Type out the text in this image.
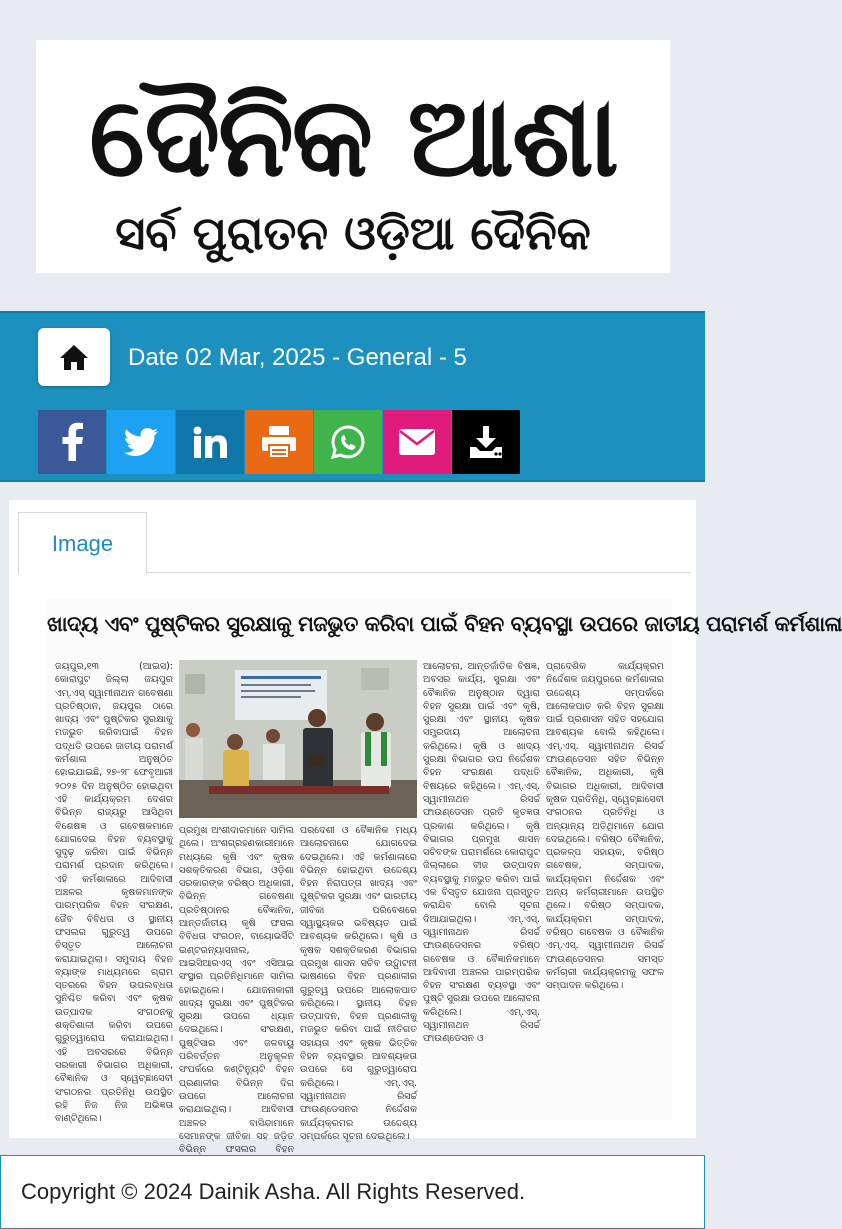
ଦୈନିକ ଆଶା
ସର୍ବ ପୁରାତନ ଓଡ଼ିଆ ଦୈନିକ
Date 02 Mar, 2025 - General - 5
Image
ଖାଦ୍ୟ ଏବଂ ପୁଷ୍ଟିକର ସୁରକ୍ଷାକୁ ମଜଭୁତ କରିବା ପାଇଁ ବିହନ ବ୍ୟବସ୍ଥା ଉପରେ ଜାତୀୟ ପରାମର୍ଶ କର୍ମଶାଳା
ଜୟପୁର,୧୩ (ଆଇସ): କୋରାପୁଟ ଜିଲ୍ଲା ଜୟପୁର ଏମ୍.ଏସ୍ ସ୍ୱାମୀନାଥନ ଗବେଷଣା ପ୍ରତିଷ୍ଠାନ, ଜୟପୁର ଠାରେ ଖାଦ୍ୟ ଏବଂ ପୁଷ୍ଟିକର ସୁରକ୍ଷାକୁ ମଜଭୁତ କରିବାପାଇଁ ବିହନ ପଦ୍ଧତି ଉପରେ ଜାତୀୟ ପରାମର୍ଶ କର୍ମଶାଳା ଅନୁଷ୍ଠିତ ହୋଇଯାଇଛି, ୨୭-୨୮ ଫେବୃଆରୀ ୨୦୨୫ ଦିନ ଅନୁଷ୍ଠିତ ହୋଇଥିବା ଏହି କାର୍ଯ୍ୟକ୍ରମ ଦେଶର ବିଭିନ୍ନ ରାଜ୍ୟରୁ ଆସିଥିବା ବିଶେଷଜ୍ଞ ଓ ଗବେଷକମାନେ ଯୋଗଦେଇ ବିହନ ବ୍ୟବସ୍ଥାକୁ ସୁଦୃଢ଼ କରିବା ପାଇଁ ବିଭିନ୍ନ ପରାମର୍ଶ ପ୍ରଦାନ କରିଥିଲେ। ଏହି କର୍ମଶାଳାରେ ଆଦିବାସୀ ଅଞ୍ଚଳର କୃଷକମାନଙ୍କ ପାରମ୍ପରିକ ବିହନ ସଂରକ୍ଷଣ, ଜୈବ ବିବିଧତା ଓ ସ୍ଥାନୀୟ ଫସଲର ଗୁରୁତ୍ୱ ଉପରେ ବିସ୍ତୃତ ଆଲୋଚନା କରାଯାଇଥିଲା। ସମୁଦାୟ ବିହନ ବ୍ୟାଙ୍କ ମାଧ୍ୟମରେ ଗ୍ରାମ ସ୍ତରରେ ବିହନ ଉପଲବ୍ଧତା ସୁନିଶ୍ଚିତ କରିବା ଏବଂ କୃଷକ ଉତ୍ପାଦକ ସଂଗଠନକୁ ଶକ୍ତିଶାଳୀ କରିବା ଉପରେ ଗୁରୁତ୍ୱାରୋପ କରାଯାଇଥିଲା। ଏହି ଅବସରରେ ବିଭିନ୍ନ ସରକାରୀ ବିଭାଗର ଅଧିକାରୀ, ବୈଜ୍ଞାନିକ ଓ ସ୍ୱେଚ୍ଛାସେବୀ ସଂଗଠନର ପ୍ରତିନିଧି ଉପସ୍ଥିତ ରହି ନିଜ ନିଜ ଅଭିଜ୍ଞତା ବାଣ୍ଟିଥିଲେ।
ପ୍ରମୁଖ ଅଂଶୀଦାରମାନେ ସାମିଲ ଥିଲେ। ଅଂଶଗ୍ରହଣକାରୀମାନେ ମଧ୍ୟରେ କୃଷି ଏବଂ କୃଷକ ସଶକ୍ତିକରଣ ବିଭାଗ, ଓଡ଼ିଶା ସରକାରଙ୍କ ବରିଷ୍ଠ ଅଧିକାରୀ, ବିଭିନ୍ନ ଗବେଷଣା ପ୍ରତିଷ୍ଠାନର ବୈଜ୍ଞାନିକ, ଆନ୍ତର୍ଜାତୀୟ କୃଷି ଫସଲ ବିବିଧତା ସଂଗଠନ, ବାୟୋଭର୍ସିଟି ଇଣ୍ଟରନ୍ୟାସନାଲ, ଆଇସିଆରଏସ୍ ଏବଂ ଏସିଆଇ ସଂସ୍ଥାର ପ୍ରତିନିଧିମାନେ ସାମିଲ ହୋଇଥିଲେ। ଯୋଜନାକାରୀ ଖାଦ୍ୟ ସୁରକ୍ଷା ଏବଂ ପୁଷ୍ଟିକର ସୁରକ୍ଷା ଉପରେ ଧ୍ୟାନ ଦେଇଥିଲେ। ସଂରକ୍ଷଣ, ପୁଷ୍ଟିସାର ଏବଂ ଜଳବାୟୁ ପରିବର୍ତ୍ତନ ଅନୁକୂଳନ ସଂପର୍କରେ କଣ୍ଟିନ୍ୟୁଟି ବିହନ ପ୍ରଣାଳୀର ବିଭିନ୍ନ ଦିଗ ଉପରେ ଆଲୋଚନା କରାଯାଇଥିଲା। ଆଦିବାସୀ ଅଞ୍ଚଳର ବାସିନ୍ଦାମାନେ ସେମାନଙ୍କ ଜୀବିକା ସହ ଜଡ଼ିତ ବିଭିନ୍ନ ଫସଲର ବିହନ
ପରଦେଶୀ ଓ ବୈଜ୍ଞାନିକ ମଧ୍ୟ ଆଲୋଚନାରେ ଯୋଗଦେଇ ଦେଇଥିଲେ। ଏହି କର୍ମଶାଳାରେ ବିଭିନ୍ନ ହୋଇଥିବା ଉଦ୍ଦେଶ୍ୟ ବିହନ ନିରାପତ୍ତା ଖାଦ୍ୟ ଏବଂ ପୁଷ୍ଟିକର ସୁରକ୍ଷା ଏବଂ ଭାରତୀୟ ଜୀବିକା ପରିବେଶରେ ସ୍ୱାସ୍ଥ୍ୟକର ଭବିଷ୍ୟତ ପାଇଁ ଆବଶ୍ୟକ କରିଥିଲେ। କୃଷି ଓ କୃଷକ ସଶକ୍ତିକରଣ ବିଭାଗର ପ୍ରମୁଖ ଶାସନ ସଚିବ ଉଦ୍ଘାଟନୀ ଭାଷଣରେ ବିହନ ପ୍ରଣାଳୀର ଗୁରୁତ୍ୱ ଉପରେ ଆଲୋକପାତ କରିଥିଲେ। ସ୍ଥାନୀୟ ବିହନ ଉତ୍ପାଦନ, ବିହନ ପ୍ରଣାଳୀକୁ ମଜଭୁତ କରିବା ପାଇଁ ନୀତିଗତ ସହାୟତା ଏବଂ କୃଷକ ଭିତ୍ତିକ ବିହନ ବ୍ୟବସ୍ଥାର ଆବଶ୍ୟକତା ଉପରେ ସେ ଗୁରୁତ୍ୱାରୋପ କରିଥିଲେ। ଏମ୍.ଏସ୍. ସ୍ୱାମୀନାଥନ ରିସର୍ଚ୍ଚ ଫାଉଣ୍ଡେସନର ନିର୍ଦ୍ଦେଶକ କାର୍ଯ୍ୟକ୍ରମର ଉଦ୍ଦେଶ୍ୟ ସମ୍ପର୍କରେ ସୂଚନା ଦେଇଥିଲେ।
ଆଲୋଚନା, ଆନ୍ତର୍ଜାତିକ ବିଷଜ୍ଞ, ଅବସର କାର୍ଯ୍ୟ, ସୁରକ୍ଷା ଏବଂ ବୈଜ୍ଞାନିକ ଅନୁଷ୍ଠାନ ଦ୍ୱାରା ବିହନ ସୁରକ୍ଷା ପାଇଁ ଏବଂ କୃଷି, ସୁରକ୍ଷା ଏବଂ ସ୍ଥାନୀୟ କୃଷକ ସମ୍ପ୍ରଦାୟ ଆଲୋଚନା କରିଥିଲେ। କୃଷି ଓ ଖାଦ୍ୟ ସୁରକ୍ଷା ବିଭାଗର ଉପ ନିର୍ଦ୍ଦେଶକ ବିହନ ସଂରକ୍ଷଣ ପଦ୍ଧତି ବିଷୟରେ କହିଥିଲେ। ଏମ୍.ଏସ୍. ସ୍ୱାମୀନାଥନ ରିସର୍ଚ୍ଚ ଫାଉଣ୍ଡେସନ ପ୍ରତି କୃତଜ୍ଞତା ପ୍ରକାଶ କରିଥିଲେ। କୃଷି ବିଭାଗର ପ୍ରମୁଖ ଶାସନ ସଚିବଙ୍କ ପରାମର୍ଶରେ କୋରାପୁଟ ଜିଲ୍ଲାରେ ବୀଜ ଉତ୍ପାଦନ ବ୍ୟବସ୍ଥାକୁ ମଜଭୁତ କରିବା ପାଇଁ ଏକ ବିସ୍ତୃତ ଯୋଜନା ପ୍ରସ୍ତୁତ କରାଯିବ ବୋଲି ସୂଚନା ଦିଆଯାଇଥିଲା। ଏମ୍.ଏସ୍. ସ୍ୱାମୀନାଥନ ରିସର୍ଚ୍ଚ ଫାଉଣ୍ଡେସନର ବରିଷ୍ଠ ଗବେଷକ ଓ ବୈଜ୍ଞାନିକମାନେ ଆଦିବାସୀ ଅଞ୍ଚଳର ପାରମ୍ପରିକ ବିହନ ସଂରକ୍ଷଣ ବ୍ୟବସ୍ଥା ଏବଂ ପୁଷ୍ଟି ସୁରକ୍ଷା ଉପରେ ଆଲୋଚନା କରିଥିଲେ। ଏମ୍.ଏସ୍. ସ୍ୱାମୀନାଥନ ରିସର୍ଚ୍ଚ ଫାଉଣ୍ଡେସନ ଓ
ପ୍ରାଦେଶିକ କାର୍ଯ୍ୟକ୍ରମ ନିର୍ଦ୍ଦେଶକ ଜୟପୁରରେ କର୍ମଶାଳାର ଉଦ୍ଦେଶ୍ୟ ସମ୍ପର୍କରେ ଆଲୋକପାତ କରି ବିହନ ସୁରକ୍ଷା ପାଇଁ ପ୍ରଶାସନ ସହିତ ସହଯୋଗ ଆବଶ୍ୟକ ବୋଲି କହିଥିଲେ। ଏମ୍.ଏସ୍. ସ୍ୱାମୀନାଥନ ରିସର୍ଚ୍ଚ ଫାଉଣ୍ଡେସନ ସହିତ ବିଭିନ୍ନ ବୈଜ୍ଞାନିକ, ଅଧିକାରୀ, କୃଷି ବିଭାଗର ଅଧିକାରୀ, ଆଦିବାସୀ କୃଷକ ପ୍ରତିନିଧି, ସ୍ୱେଚ୍ଛାସେବୀ ସଂଗଠନର ପ୍ରତିନିଧି ଓ ଅନ୍ୟାନ୍ୟ ଅତିଥିମାନେ ଯୋଗ ଦେଇଥିଲେ। ବରିଷ୍ଠ ବୈଜ୍ଞାନିକ, ପ୍ରକଳ୍ପ ସହାୟକ, ବରିଷ୍ଠ ଗବେଷକ, ସମ୍ପାଦକ, କାର୍ଯ୍ୟକ୍ରମ ନିର୍ଦ୍ଦେଶକ ଏବଂ ଅନ୍ୟ କର୍ମଚାରୀମାନେ ଉପସ୍ଥିତ ଥିଲେ। ବରିଷ୍ଠ ସମ୍ପାଦକ, କାର୍ଯ୍ୟକ୍ରମ ସମ୍ପାଦକ, ବରିଷ୍ଠ ଗବେଷକ ଓ ବୈଜ୍ଞାନିକ ଏମ୍.ଏସ୍. ସ୍ୱାମୀନାଥନ ରିସର୍ଚ୍ଚ ଫାଉଣ୍ଡେସନର ସମସ୍ତ କର୍ମଚାରୀ କାର୍ଯ୍ୟକ୍ରମକୁ ସଫଳ ସମ୍ପାଦନ କରିଥିଲେ।
Copyright © 2024 Dainik Asha. All Rights Reserved.
